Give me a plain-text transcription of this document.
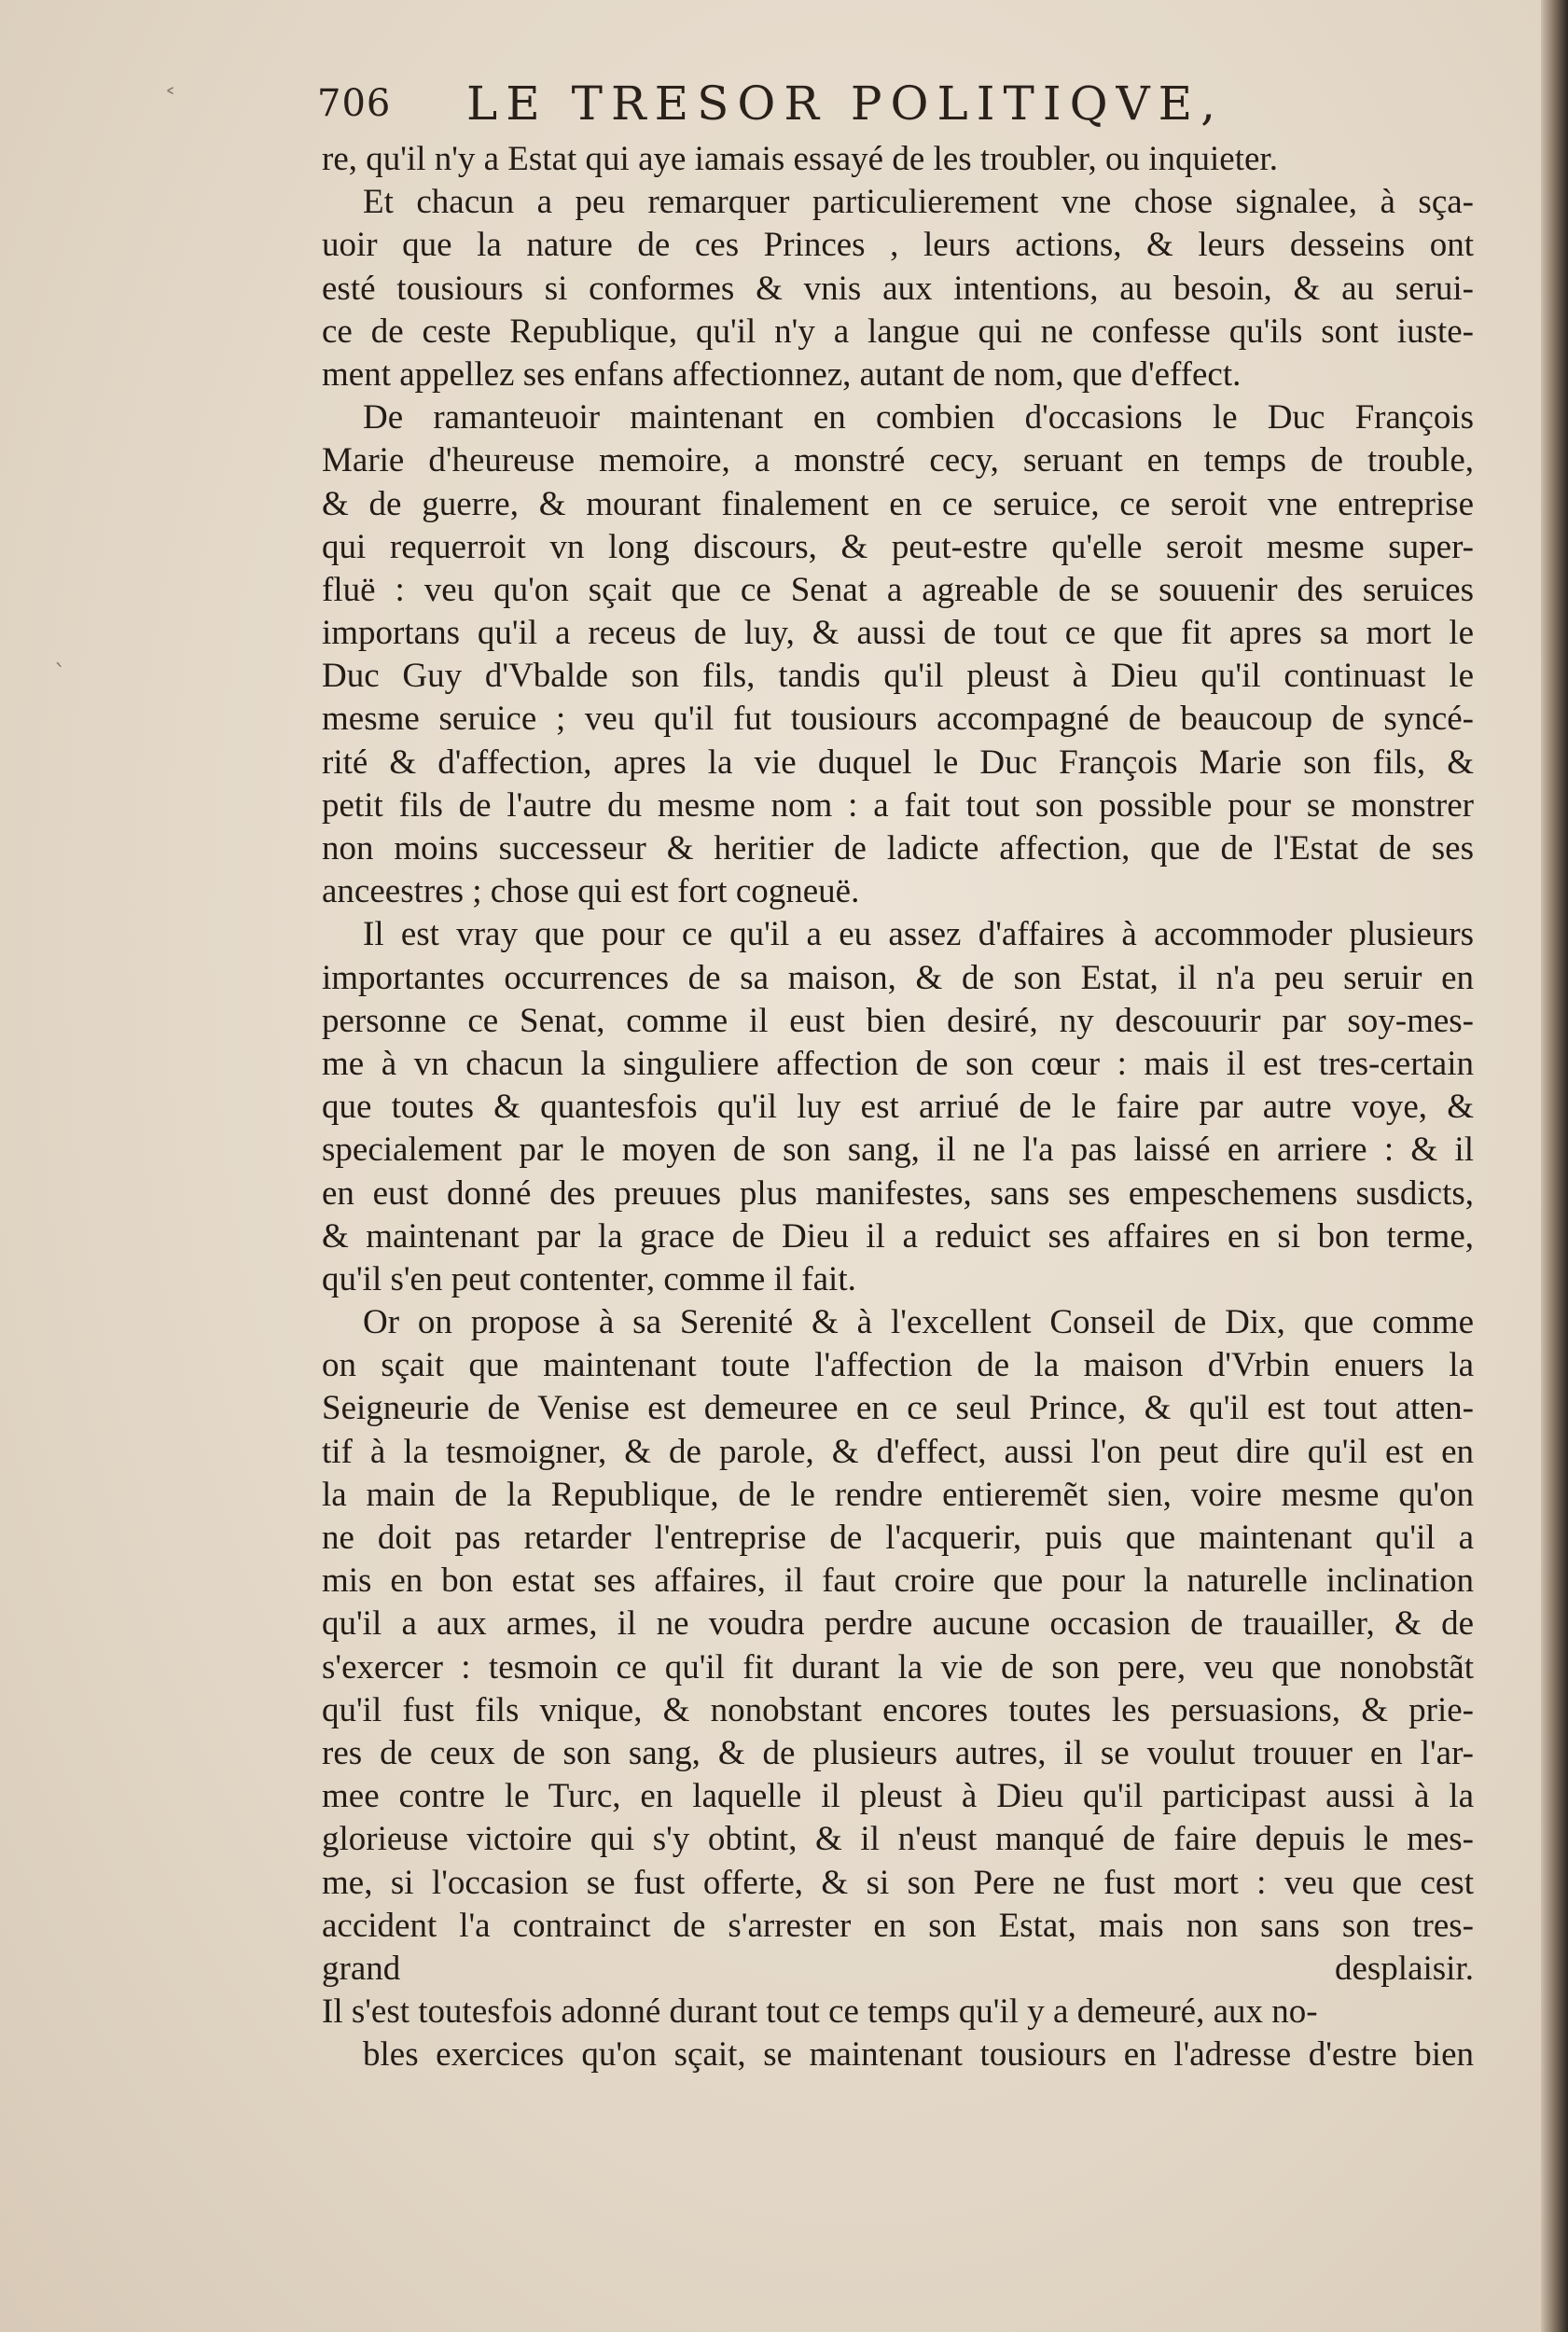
706 LE TRESOR POLITIQVE,
re, qu'il n'y a Estat qui aye iamais essayé de les troubler, ou inquieter.
Et chacun a peu remarquer particulierement vne chose signalee, à sça-
uoir que la nature de ces Princes , leurs actions, & leurs desseins ont
esté tousiours si conformes & vnis aux intentions, au besoin, & au serui-
ce de ceste Republique, qu'il n'y a langue qui ne confesse qu'ils sont iuste-
ment appellez ses enfans affectionnez, autant de nom, que d'effect.
De ramanteuoir maintenant en combien d'occasions le Duc François
Marie d'heureuse memoire, a monstré cecy, seruant en temps de trouble,
& de guerre, & mourant finalement en ce seruice, ce seroit vne entreprise
qui requerroit vn long discours, & peut-estre qu'elle seroit mesme super-
fluë : veu qu'on sçait que ce Senat a agreable de se souuenir des seruices
importans qu'il a receus de luy, & aussi de tout ce que fit apres sa mort le
Duc Guy d'Vbalde son fils, tandis qu'il pleust à Dieu qu'il continuast le
mesme seruice ; veu qu'il fut tousiours accompagné de beaucoup de syncé-
rité & d'affection, apres la vie duquel le Duc François Marie son fils, &
petit fils de l'autre du mesme nom : a fait tout son possible pour se monstrer
non moins successeur & heritier de ladicte affection, que de l'Estat de ses
anceestres ; chose qui est fort cogneuë.
Il est vray que pour ce qu'il a eu assez d'affaires à accommoder plusieurs
importantes occurrences de sa maison, & de son Estat, il n'a peu seruir en
personne ce Senat, comme il eust bien desiré, ny descouurir par soy-mes-
me à vn chacun la singuliere affection de son cœur : mais il est tres-certain
que toutes & quantesfois qu'il luy est arriué de le faire par autre voye, &
specialement par le moyen de son sang, il ne l'a pas laissé en arriere : & il
en eust donné des preuues plus manifestes, sans ses empeschemens susdicts,
& maintenant par la grace de Dieu il a reduict ses affaires en si bon terme,
qu'il s'en peut contenter, comme il fait.
Or on propose à sa Serenité & à l'excellent Conseil de Dix, que comme
on sçait que maintenant toute l'affection de la maison d'Vrbin enuers la
Seigneurie de Venise est demeuree en ce seul Prince, & qu'il est tout atten-
tif à la tesmoigner, & de parole, & d'effect, aussi l'on peut dire qu'il est en
la main de la Republique, de le rendre entieremẽt sien, voire mesme qu'on
ne doit pas retarder l'entreprise de l'acquerir, puis que maintenant qu'il a
mis en bon estat ses affaires, il faut croire que pour la naturelle inclination
qu'il a aux armes, il ne voudra perdre aucune occasion de trauailler, & de
s'exercer : tesmoin ce qu'il fit durant la vie de son pere, veu que nonobstãt
qu'il fust fils vnique, & nonobstant encores toutes les persuasions, & prie-
res de ceux de son sang, & de plusieurs autres, il se voulut trouuer en l'ar-
mee contre le Turc, en laquelle il pleust à Dieu qu'il participast aussi à la
glorieuse victoire qui s'y obtint, & il n'eust manqué de faire depuis le mes-
me, si l'occasion se fust offerte, & si son Pere ne fust mort : veu que cest
accident l'a contrainct de s'arrester en son Estat, mais non sans son tres-
grand desplaisir.
Il s'est toutesfois adonné durant tout ce temps qu'il y a demeuré, aux no-
bles exercices qu'on sçait, se maintenant tousiours en l'adresse d'estre bien
˂
ˋ
